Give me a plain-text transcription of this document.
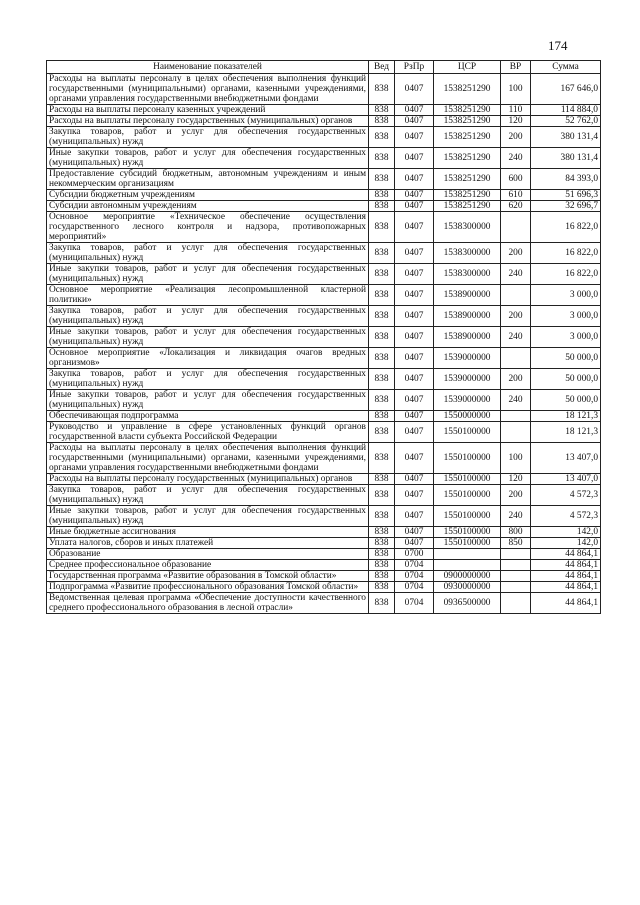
174
Наименование показателей	Вед	РзПр	ЦСР	ВР	Сумма
Расходы на выплаты персоналу в целях обеспечения выполнения функций государственными (муниципальными) органами, казенными учреждениями, органами управления государственными внебюджетными фондами	838	0407	1538251290	100	167 646,0
Расходы на выплаты персоналу казенных учреждений	838	0407	1538251290	110	114 884,0
Расходы на выплаты персоналу государственных (муниципальных) органов	838	0407	1538251290	120	52 762,0
Закупка товаров, работ и услуг для обеспечения государственных (муниципальных) нужд	838	0407	1538251290	200	380 131,4
Иные закупки товаров, работ и услуг для обеспечения государственных (муниципальных) нужд	838	0407	1538251290	240	380 131,4
Предоставление субсидий бюджетным, автономным учреждениям и иным некоммерческим организациям	838	0407	1538251290	600	84 393,0
Субсидии бюджетным учреждениям	838	0407	1538251290	610	51 696,3
Субсидии автономным учреждениям	838	0407	1538251290	620	32 696,7
Основное мероприятие «Техническое обеспечение осуществления государственного лесного контроля и надзора, противопожарных мероприятий»	838	0407	1538300000		16 822,0
Закупка товаров, работ и услуг для обеспечения государственных (муниципальных) нужд	838	0407	1538300000	200	16 822,0
Иные закупки товаров, работ и услуг для обеспечения государственных (муниципальных) нужд	838	0407	1538300000	240	16 822,0
Основное мероприятие «Реализация лесопромышленной кластерной политики»	838	0407	1538900000		3 000,0
Закупка товаров, работ и услуг для обеспечения государственных (муниципальных) нужд	838	0407	1538900000	200	3 000,0
Иные закупки товаров, работ и услуг для обеспечения государственных (муниципальных) нужд	838	0407	1538900000	240	3 000,0
Основное мероприятие «Локализация и ликвидация очагов вредных организмов»	838	0407	1539000000		50 000,0
Закупка товаров, работ и услуг для обеспечения государственных (муниципальных) нужд	838	0407	1539000000	200	50 000,0
Иные закупки товаров, работ и услуг для обеспечения государственных (муниципальных) нужд	838	0407	1539000000	240	50 000,0
Обеспечивающая подпрограмма	838	0407	1550000000		18 121,3
Руководство и управление в сфере установленных функций органов государственной власти субъекта Российской Федерации	838	0407	1550100000		18 121,3
Расходы на выплаты персоналу в целях обеспечения выполнения функций государственными (муниципальными) органами, казенными учреждениями, органами управления государственными внебюджетными фондами	838	0407	1550100000	100	13 407,0
Расходы на выплаты персоналу государственных (муниципальных) органов	838	0407	1550100000	120	13 407,0
Закупка товаров, работ и услуг для обеспечения государственных (муниципальных) нужд	838	0407	1550100000	200	4 572,3
Иные закупки товаров, работ и услуг для обеспечения государственных (муниципальных) нужд	838	0407	1550100000	240	4 572,3
Иные бюджетные ассигнования	838	0407	1550100000	800	142,0
Уплата налогов, сборов и иных платежей	838	0407	1550100000	850	142,0
Образование	838	0700			44 864,1
Среднее профессиональное образование	838	0704			44 864,1
Государственная программа «Развитие образования в Томской области»	838	0704	0900000000		44 864,1
Подпрограмма «Развитие профессионального образования Томской области»	838	0704	0930000000		44 864,1
Ведомственная целевая программа «Обеспечение доступности качественного среднего профессионального образования в лесной отрасли»	838	0704	0936500000		44 864,1
